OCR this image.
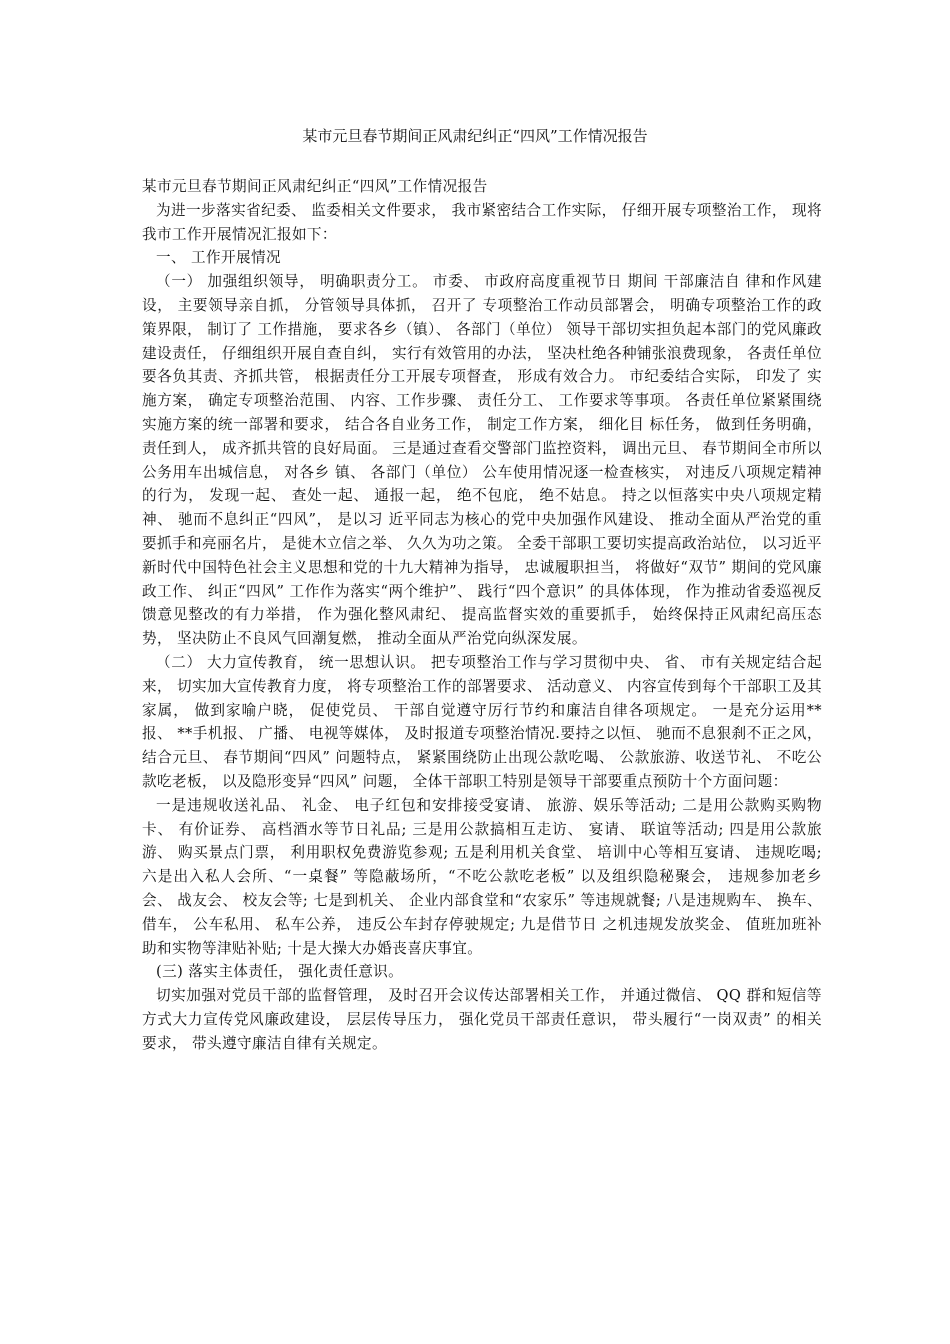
某市元旦春节期间正风肃纪纠正“四风”工作情况报告

某市元旦春节期间正风肃纪纠正“四风”工作情况报告

为进一步落实省纪委、 监委相关文件要求， 我市紧密结合工作实际， 仔细开展专项整治工作， 现将我市工作开展情况汇报如下：

一、 工作开展情况

（一） 加强组织领导， 明确职责分工。 市委、 市政府高度重视节日 期间 干部廉洁自 律和作风建设， 主要领导亲自抓， 分管领导具体抓， 召开了 专项整治工作动员部署会， 明确专项整治工作的政策界限， 制订了 工作措施， 要求各乡（镇）、 各部门（单位） 领导干部切实担负起本部门的党风廉政建设责任， 仔细组织开展自查自纠， 实行有效管用的办法， 坚决杜绝各种铺张浪费现象， 各责任单位要各负其责、齐抓共管， 根据责任分工开展专项督查， 形成有效合力。 市纪委结合实际， 印发了 实施方案， 确定专项整治范围、 内容、工作步骤、 责任分工、 工作要求等事项。 各责任单位紧紧围绕实施方案的统一部署和要求， 结合各自业务工作， 制定工作方案， 细化目 标任务， 做到任务明确， 责任到人， 成齐抓共管的良好局面。 三是通过查看交警部门监控资料， 调出元旦、 春节期间全市所以公务用车出城信息， 对各乡 镇、 各部门（单位） 公车使用情况逐一检查核实， 对违反八项规定精神的行为， 发现一起、 查处一起、 通报一起， 绝不包庇， 绝不姑息。 持之以恒落实中央八项规定精神、 驰而不息纠正“四风”， 是以习 近平同志为核心的党中央加强作风建设、 推动全面从严治党的重要抓手和亮丽名片， 是徙木立信之举、 久久为功之策。 全委干部职工要切实提高政治站位， 以习近平新时代中国特色社会主义思想和党的十九大精神为指导， 忠诚履职担当， 将做好“双节” 期间的党风廉政工作、 纠正“四风” 工作作为落实“两个维护”、 践行“四个意识” 的具体体现， 作为推动省委巡视反馈意见整改的有力举措， 作为强化整风肃纪、 提高监督实效的重要抓手， 始终保持正风肃纪高压态势， 坚决防止不良风气回潮复燃， 推动全面从严治党向纵深发展。

（二） 大力宣传教育， 统一思想认识。 把专项整治工作与学习贯彻中央、 省、 市有关规定结合起来， 切实加大宣传教育力度， 将专项整治工作的部署要求、 活动意义、 内容宣传到每个干部职工及其家属， 做到家喻户晓， 促使党员、 干部自觉遵守厉行节约和廉洁自律各项规定。 一是充分运用**报、 **手机报、 广播、 电视等媒体， 及时报道专项整治情况.要持之以恒、 驰而不息狠刹不正之风， 结合元旦、 春节期间“四风” 问题特点， 紧紧围绕防止出现公款吃喝、 公款旅游、收送节礼、 不吃公款吃老板， 以及隐形变异“四风” 问题， 全体干部职工特别是领导干部要重点预防十个方面问题：

一是违规收送礼品、 礼金、 电子红包和安排接受宴请、 旅游、娱乐等活动; 二是用公款购买购物卡、 有价证券、 高档酒水等节日礼品; 三是用公款搞相互走访、 宴请、 联谊等活动; 四是用公款旅游、 购买景点门票， 利用职权免费游览参观; 五是利用机关食堂、 培训中心等相互宴请、 违规吃喝; 六是出入私人会所、“一桌餐” 等隐蔽场所，“不吃公款吃老板” 以及组织隐秘聚会， 违规参加老乡 会、 战友会、 校友会等; 七是到机关、 企业内部食堂和“农家乐” 等违规就餐; 八是违规购车、 换车、 借车， 公车私用、 私车公养， 违反公车封存停驶规定; 九是借节日 之机违规发放奖金、 值班加班补助和实物等津贴补贴; 十是大操大办婚丧喜庆事宜。

(三) 落实主体责任， 强化责任意识。

切实加强对党员干部的监督管理， 及时召开会议传达部署相关工作， 并通过微信、 QQ 群和短信等方式大力宣传党风廉政建设， 层层传导压力， 强化党员干部责任意识， 带头履行“一岗双责” 的相关要求， 带头遵守廉洁自律有关规定。
